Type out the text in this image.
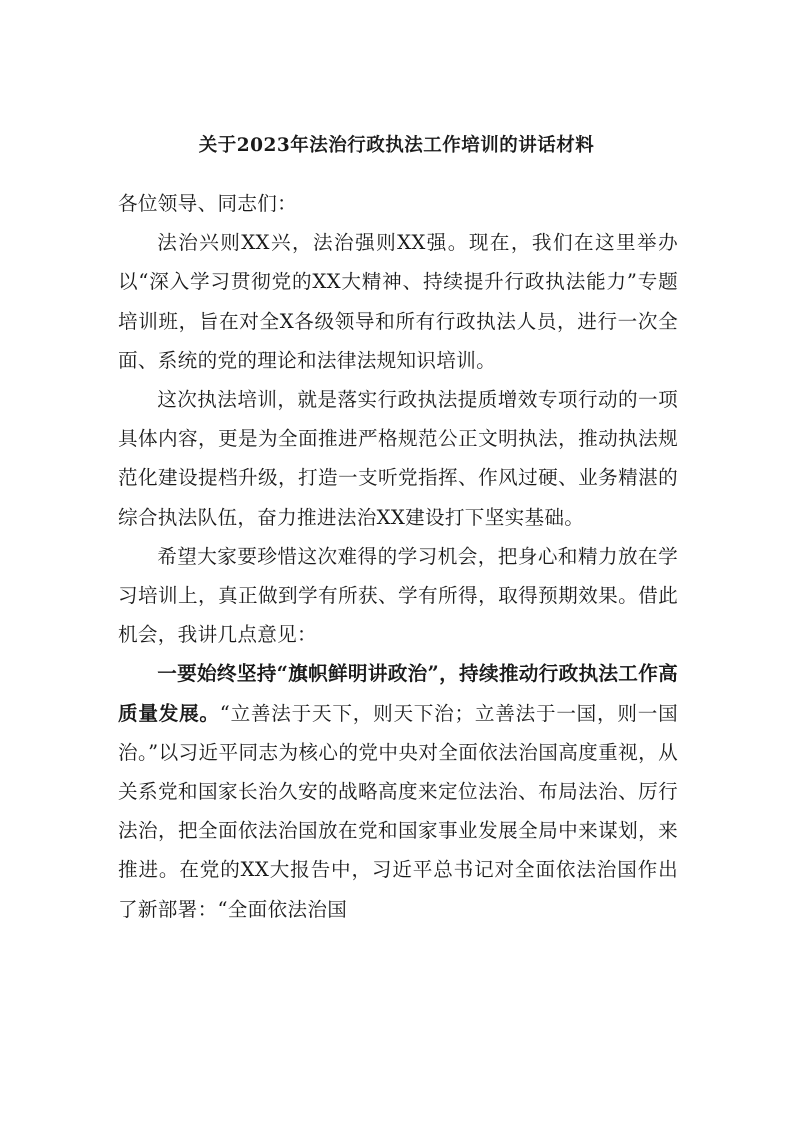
关于2023年法治行政执法工作培训的讲话材料

各位领导、同志们：

法治兴则XX兴，法治强则XX强。现在，我们在这里举办以“深入学习贯彻党的XX大精神、持续提升行政执法能力”专题培训班，旨在对全X各级领导和所有行政执法人员，进行一次全面、系统的党的理论和法律法规知识培训。

这次执法培训，就是落实行政执法提质增效专项行动的一项具体内容，更是为全面推进严格规范公正文明执法，推动执法规范化建设提档升级，打造一支听党指挥、作风过硬、业务精湛的综合执法队伍，奋力推进法治XX建设打下坚实基础。

希望大家要珍惜这次难得的学习机会，把身心和精力放在学习培训上，真正做到学有所获、学有所得，取得预期效果。借此机会，我讲几点意见：

一要始终坚持“旗帜鲜明讲政治”，持续推动行政执法工作高质量发展。“立善法于天下，则天下治；立善法于一国，则一国治。”以习近平同志为核心的党中央对全面依法治国高度重视，从关系党和国家长治久安的战略高度来定位法治、布局法治、厉行法治，把全面依法治国放在党和国家事业发展全局中来谋划，来推进。在党的XX大报告中，习近平总书记对全面依法治国作出了新部署：“全面依法治国
